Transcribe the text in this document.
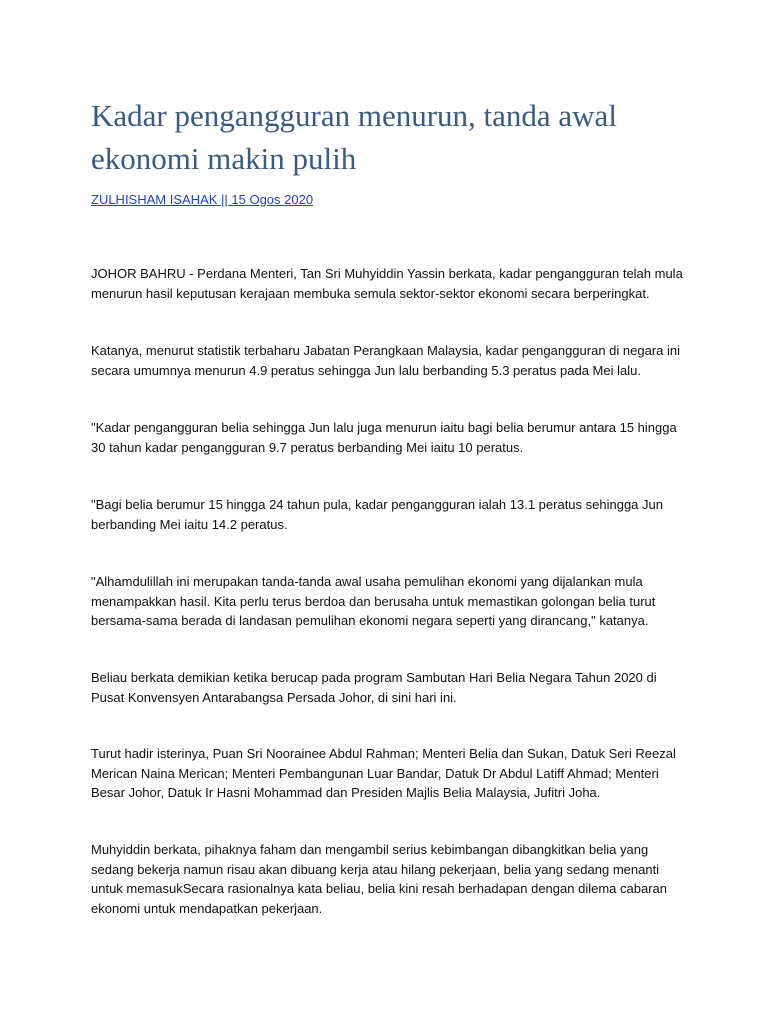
Kadar pengangguran menurun, tanda awal ekonomi makin pulih
ZULHISHAM ISAHAK || 15 Ogos 2020

JOHOR BAHRU - Perdana Menteri, Tan Sri Muhyiddin Yassin berkata, kadar pengangguran telah mula menurun hasil keputusan kerajaan membuka semula sektor-sektor ekonomi secara berperingkat.

Katanya, menurut statistik terbaharu Jabatan Perangkaan Malaysia, kadar pengangguran di negara ini secara umumnya menurun 4.9 peratus sehingga Jun lalu berbanding 5.3 peratus pada Mei lalu.

"Kadar pengangguran belia sehingga Jun lalu juga menurun iaitu bagi belia berumur antara 15 hingga 30 tahun kadar pengangguran 9.7 peratus berbanding Mei iaitu 10 peratus.

"Bagi belia berumur 15 hingga 24 tahun pula, kadar pengangguran ialah 13.1 peratus sehingga Jun berbanding Mei iaitu 14.2 peratus.

"Alhamdulillah ini merupakan tanda-tanda awal usaha pemulihan ekonomi yang dijalankan mula menampakkan hasil. Kita perlu terus berdoa dan berusaha untuk memastikan golongan belia turut bersama-sama berada di landasan pemulihan ekonomi negara seperti yang dirancang," katanya.

Beliau berkata demikian ketika berucap pada program Sambutan Hari Belia Negara Tahun 2020 di Pusat Konvensyen Antarabangsa Persada Johor, di sini hari ini.

Turut hadir isterinya, Puan Sri Noorainee Abdul Rahman; Menteri Belia dan Sukan, Datuk Seri Reezal Merican Naina Merican; Menteri Pembangunan Luar Bandar, Datuk Dr Abdul Latiff Ahmad; Menteri Besar Johor, Datuk Ir Hasni Mohammad dan Presiden Majlis Belia Malaysia, Jufitri Joha.

Muhyiddin berkata, pihaknya faham dan mengambil serius kebimbangan dibangkitkan belia yang sedang bekerja namun risau akan dibuang kerja atau hilang pekerjaan, belia yang sedang menanti untuk memasukSecara rasionalnya kata beliau, belia kini resah berhadapan dengan dilema cabaran ekonomi untuk mendapatkan pekerjaan.
